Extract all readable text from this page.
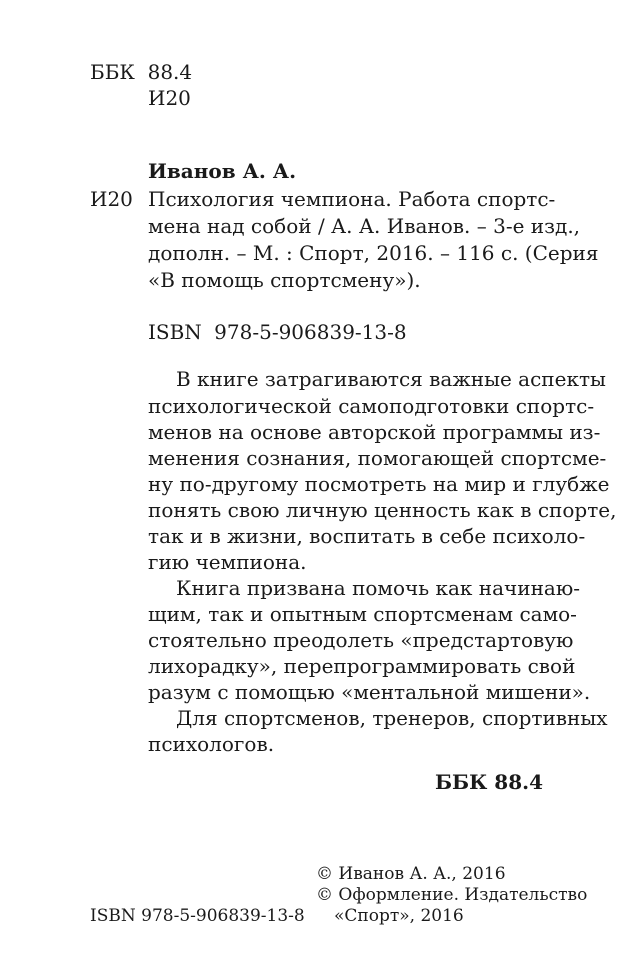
ББК 88.4
И20
Иванов А. А.
И20 Психология чемпиона. Работа спортс-
мена над собой / А. А. Иванов. – 3-е изд.,
дополн. – М. : Спорт, 2016. – 116 с. (Серия
«В помощь спортсмену»).
ISBN 978-5-906839-13-8
В книге затрагиваются важные аспекты
психологической самоподготовки спортс-
менов на основе авторской программы из-
менения сознания, помогающей спортсме-
ну по-другому посмотреть на мир и глубже
понять свою личную ценность как в спорте,
так и в жизни, воспитать в себе психоло-
гию чемпиона.
Книга призвана помочь как начинаю-
щим, так и опытным спортсменам само-
стоятельно преодолеть «предстартовую
лихорадку», перепрограммировать свой
разум с помощью «ментальной мишени».
Для спортсменов, тренеров, спортивных
психологов.
ББК 88.4
© Иванов А. А., 2016
© Оформление. Издательство
«Спорт», 2016
ISBN 978-5-906839-13-8
